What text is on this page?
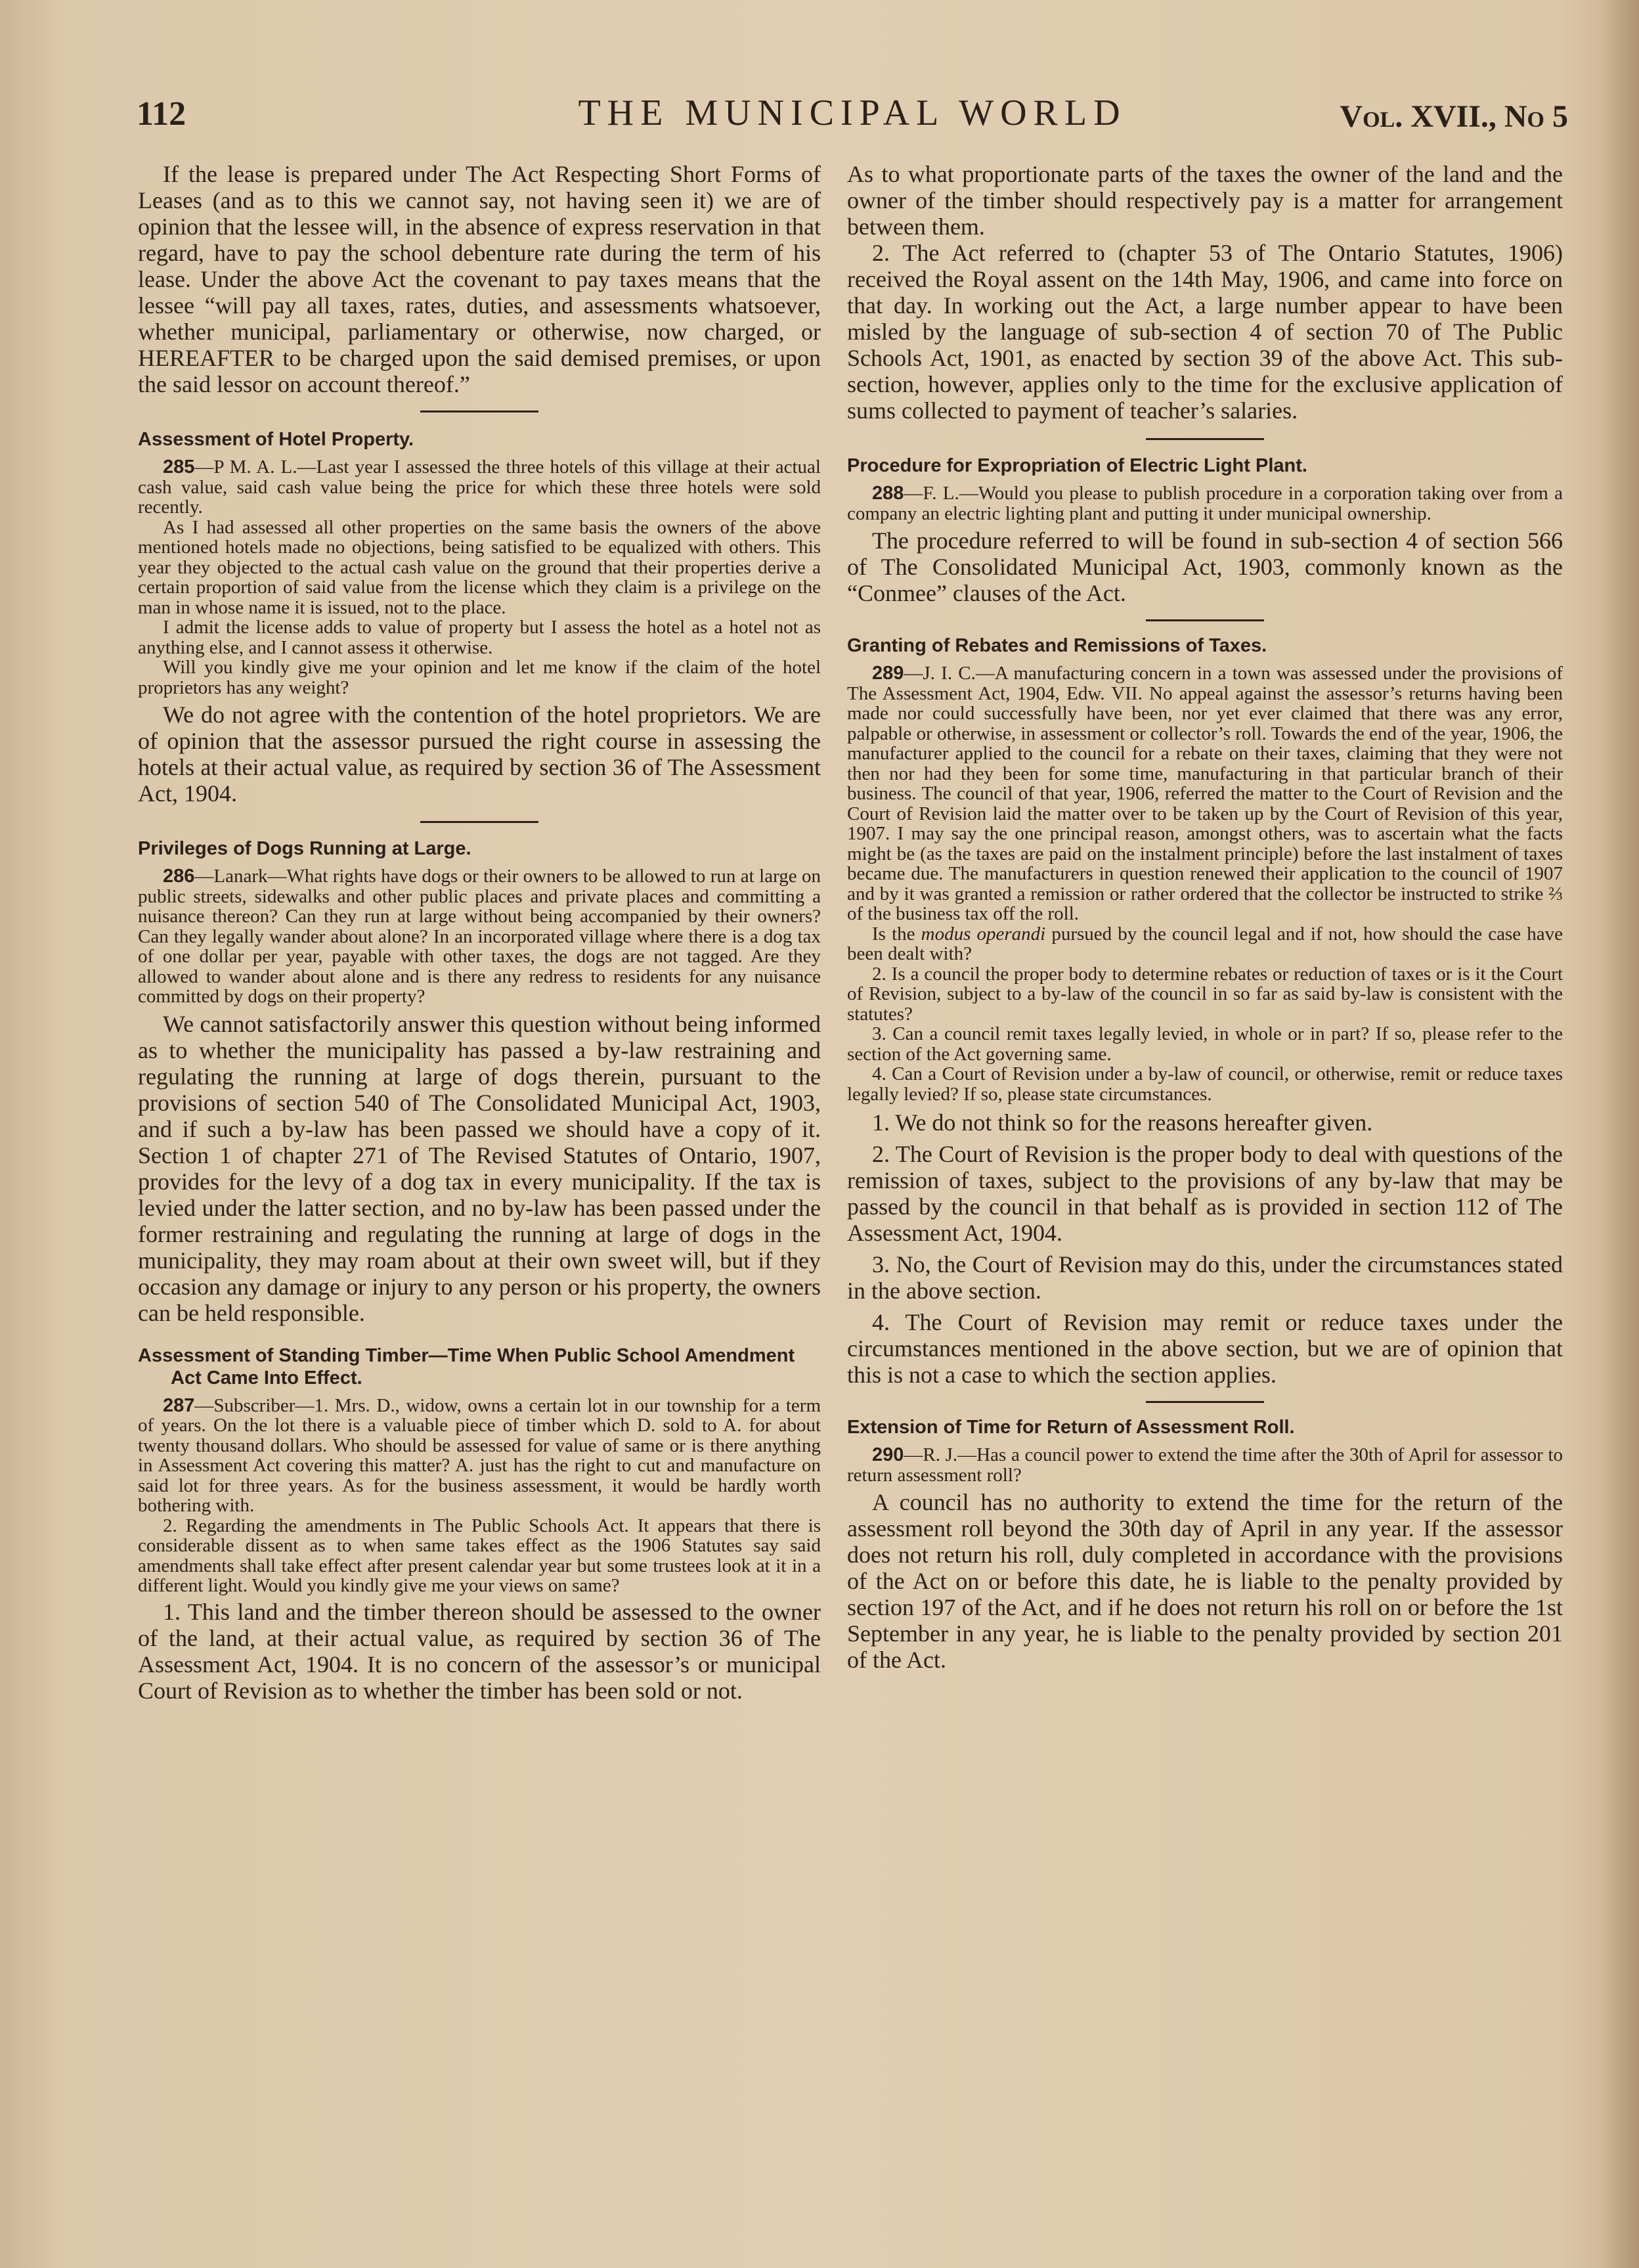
112	THE MUNICIPAL WORLD	Vol. XVII., No 5

If the lease is prepared under The Act Respecting Short Forms of Leases (and as to this we cannot say, not having seen it) we are of opinion that the lessee will, in the absence of express reservation in that regard, have to pay the school debenture rate during the term of his lease. Under the above Act the covenant to pay taxes means that the lessee “will pay all taxes, rates, duties, and assessments whatsoever, whether municipal, parliamentary or otherwise, now charged, or HEREAFTER to be charged upon the said demised premises, or upon the said lessor on account thereof.”

Assessment of Hotel Property.

285—P M. A. L.—Last year I assessed the three hotels of this village at their actual cash value, said cash value being the price for which these three hotels were sold recently.

As I had assessed all other properties on the same basis the owners of the above mentioned hotels made no objections, being satisfied to be equalized with others. This year they objected to the actual cash value on the ground that their properties derive a certain proportion of said value from the license which they claim is a privilege on the man in whose name it is issued, not to the place.

I admit the license adds to value of property but I assess the hotel as a hotel not as anything else, and I cannot assess it otherwise.

Will you kindly give me your opinion and let me know if the claim of the hotel proprietors has any weight?

We do not agree with the contention of the hotel proprietors. We are of opinion that the assessor pursued the right course in assessing the hotels at their actual value, as required by section 36 of The Assessment Act, 1904.

Privileges of Dogs Running at Large.

286—Lanark—What rights have dogs or their owners to be allowed to run at large on public streets, sidewalks and other public places and private places and committing a nuisance thereon? Can they run at large without being accompanied by their owners? Can they legally wander about alone? In an incorporated village where there is a dog tax of one dollar per year, payable with other taxes, the dogs are not tagged. Are they allowed to wander about alone and is there any redress to residents for any nuisance committed by dogs on their property?

We cannot satisfactorily answer this question without being informed as to whether the municipality has passed a by-law restraining and regulating the running at large of dogs therein, pursuant to the provisions of section 540 of The Consolidated Municipal Act, 1903, and if such a by-law has been passed we should have a copy of it. Section 1 of chapter 271 of The Revised Statutes of Ontario, 1907, provides for the levy of a dog tax in every municipality. If the tax is levied under the latter section, and no by-law has been passed under the former restraining and regulating the running at large of dogs in the municipality, they may roam about at their own sweet will, but if they occasion any damage or injury to any person or his property, the owners can be held responsible.

Assessment of Standing Timber—Time When Public School Amendment Act Came Into Effect.

287—Subscriber—1. Mrs. D., widow, owns a certain lot in our township for a term of years. On the lot there is a valuable piece of timber which D. sold to A. for about twenty thousand dollars. Who should be assessed for value of same or is there anything in Assessment Act covering this matter? A. just has the right to cut and manufacture on said lot for three years. As for the business assessment, it would be hardly worth bothering with.

2. Regarding the amendments in The Public Schools Act. It appears that there is considerable dissent as to when same takes effect as the 1906 Statutes say said amendments shall take effect after present calendar year but some trustees look at it in a different light. Would you kindly give me your views on same?

1. This land and the timber thereon should be assessed to the owner of the land, at their actual value, as required by section 36 of The Assessment Act, 1904. It is no concern of the assessor’s or municipal Court of Revision as to whether the timber has been sold or not.

As to what proportionate parts of the taxes the owner of the land and the owner of the timber should respectively pay is a matter for arrangement between them.

2. The Act referred to (chapter 53 of The Ontario Statutes, 1906) received the Royal assent on the 14th May, 1906, and came into force on that day. In working out the Act, a large number appear to have been misled by the language of sub-section 4 of section 70 of The Public Schools Act, 1901, as enacted by section 39 of the above Act. This sub-section, however, applies only to the time for the exclusive application of sums collected to payment of teacher’s salaries.

Procedure for Expropriation of Electric Light Plant.

288—F. L.—Would you please to publish procedure in a corporation taking over from a company an electric lighting plant and putting it under municipal ownership.

The procedure referred to will be found in sub-section 4 of section 566 of The Consolidated Municipal Act, 1903, commonly known as the “Conmee” clauses of the Act.

Granting of Rebates and Remissions of Taxes.

289—J. I. C.—A manufacturing concern in a town was assessed under the provisions of The Assessment Act, 1904, Edw. VII. No appeal against the assessor’s returns having been made nor could successfully have been, nor yet ever claimed that there was any error, palpable or otherwise, in assessment or collector’s roll. Towards the end of the year, 1906, the manufacturer applied to the council for a rebate on their taxes, claiming that they were not then nor had they been for some time, manufacturing in that particular branch of their business. The council of that year, 1906, referred the matter to the Court of Revision and the Court of Revision laid the matter over to be taken up by the Court of Revision of this year, 1907. I may say the one principal reason, amongst others, was to ascertain what the facts might be (as the taxes are paid on the instalment principle) before the last instalment of taxes became due. The manufacturers in question renewed their application to the council of 1907 and by it was granted a remission or rather ordered that the collector be instructed to strike ⅔ of the business tax off the roll.

Is the modus operandi pursued by the council legal and if not, how should the case have been dealt with?

2. Is a council the proper body to determine rebates or reduction of taxes or is it the Court of Revision, subject to a by-law of the council in so far as said by-law is consistent with the statutes?

3. Can a council remit taxes legally levied, in whole or in part? If so, please refer to the section of the Act governing same.

4. Can a Court of Revision under a by-law of council, or otherwise, remit or reduce taxes legally levied? If so, please state circumstances.

1. We do not think so for the reasons hereafter given.

2. The Court of Revision is the proper body to deal with questions of the remission of taxes, subject to the provisions of any by-law that may be passed by the council in that behalf as is provided in section 112 of The Assessment Act, 1904.

3. No, the Court of Revision may do this, under the circumstances stated in the above section.

4. The Court of Revision may remit or reduce taxes under the circumstances mentioned in the above section, but we are of opinion that this is not a case to which the section applies.

Extension of Time for Return of Assessment Roll.

290—R. J.—Has a council power to extend the time after the 30th of April for assessor to return assessment roll?

A council has no authority to extend the time for the return of the assessment roll beyond the 30th day of April in any year. If the assessor does not return his roll, duly completed in accordance with the provisions of the Act on or before this date, he is liable to the penalty provided by section 197 of the Act, and if he does not return his roll on or before the 1st September in any year, he is liable to the penalty provided by section 201 of the Act.
